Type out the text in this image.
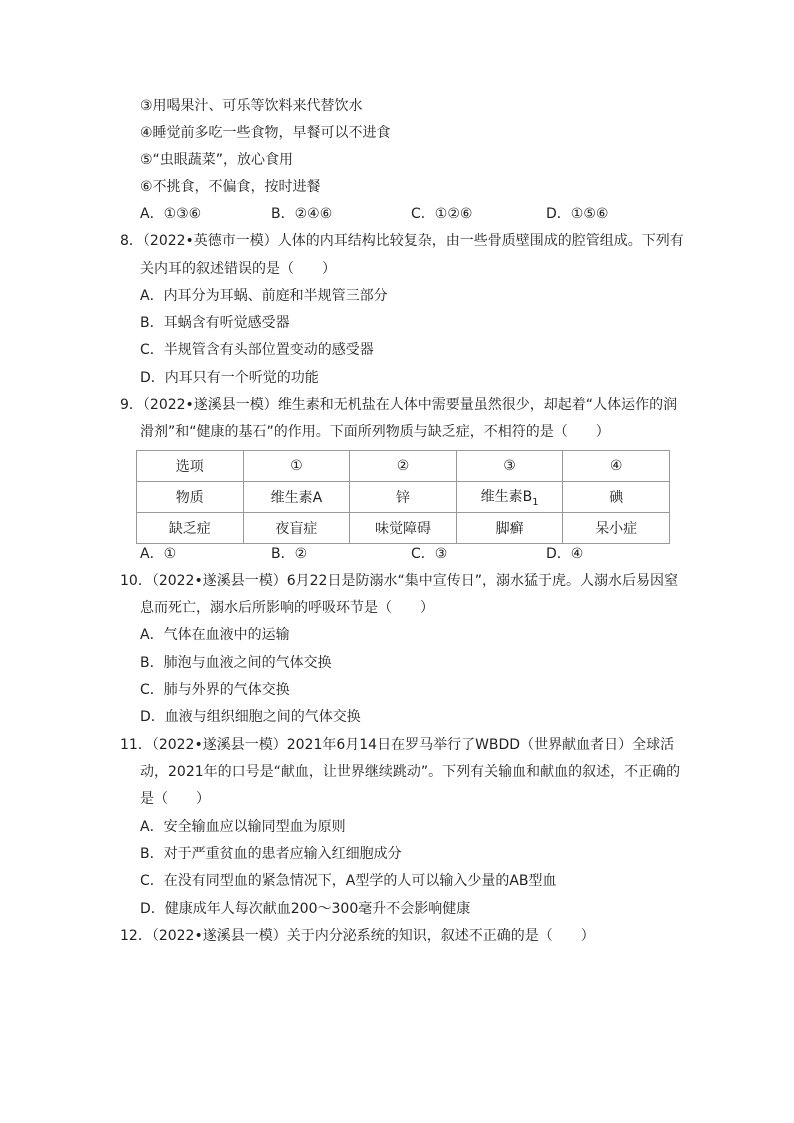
③用喝果汁、可乐等饮料来代替饮水
④睡觉前多吃一些食物，早餐可以不进食
⑤“虫眼蔬菜”，放心食用
⑥不挑食，不偏食，按时进餐
A．①③⑥	B．②④⑥	C．①②⑥	D．①⑤⑥
8．（2022•英德市一模）人体的内耳结构比较复杂，由一些骨质壁围成的腔管组成。下列有
关内耳的叙述错误的是（　　）
A．内耳分为耳蜗、前庭和半规管三部分
B．耳蜗含有听觉感受器
C．半规管含有头部位置变动的感受器
D．内耳只有一个听觉的功能
9．（2022•遂溪县一模）维生素和无机盐在人体中需要量虽然很少，却起着“人体运作的润
滑剂”和“健康的基石”的作用。下面所列物质与缺乏症，不相符的是（　　）
选项	①	②	③	④
物质	维生素A	锌	维生素$B_1$	碘
缺乏症	夜盲症	味觉障碍	脚癣	呆小症
A．①	B．②	C．③	D．④
10．（2022•遂溪县一模）6月22日是防溺水“集中宣传日”，溺水猛于虎。人溺水后易因窒
息而死亡，溺水后所影响的呼吸环节是（　　）
A．气体在血液中的运输
B．肺泡与血液之间的气体交换
C．肺与外界的气体交换
D．血液与组织细胞之间的气体交换
11．（2022•遂溪县一模）2021年6月14日在罗马举行了WBDD（世界献血者日）全球活
动，2021年的口号是“献血，让世界继续跳动”。下列有关输血和献血的叙述，不正确的
是（　　）
A．安全输血应以输同型血为原则
B．对于严重贫血的患者应输入红细胞成分
C．在没有同型血的紧急情况下，A型学的人可以输入少量的AB型血
D．健康成年人每次献血200～300毫升不会影响健康
12．（2022•遂溪县一模）关于内分泌系统的知识，叙述不正确的是（　　）
